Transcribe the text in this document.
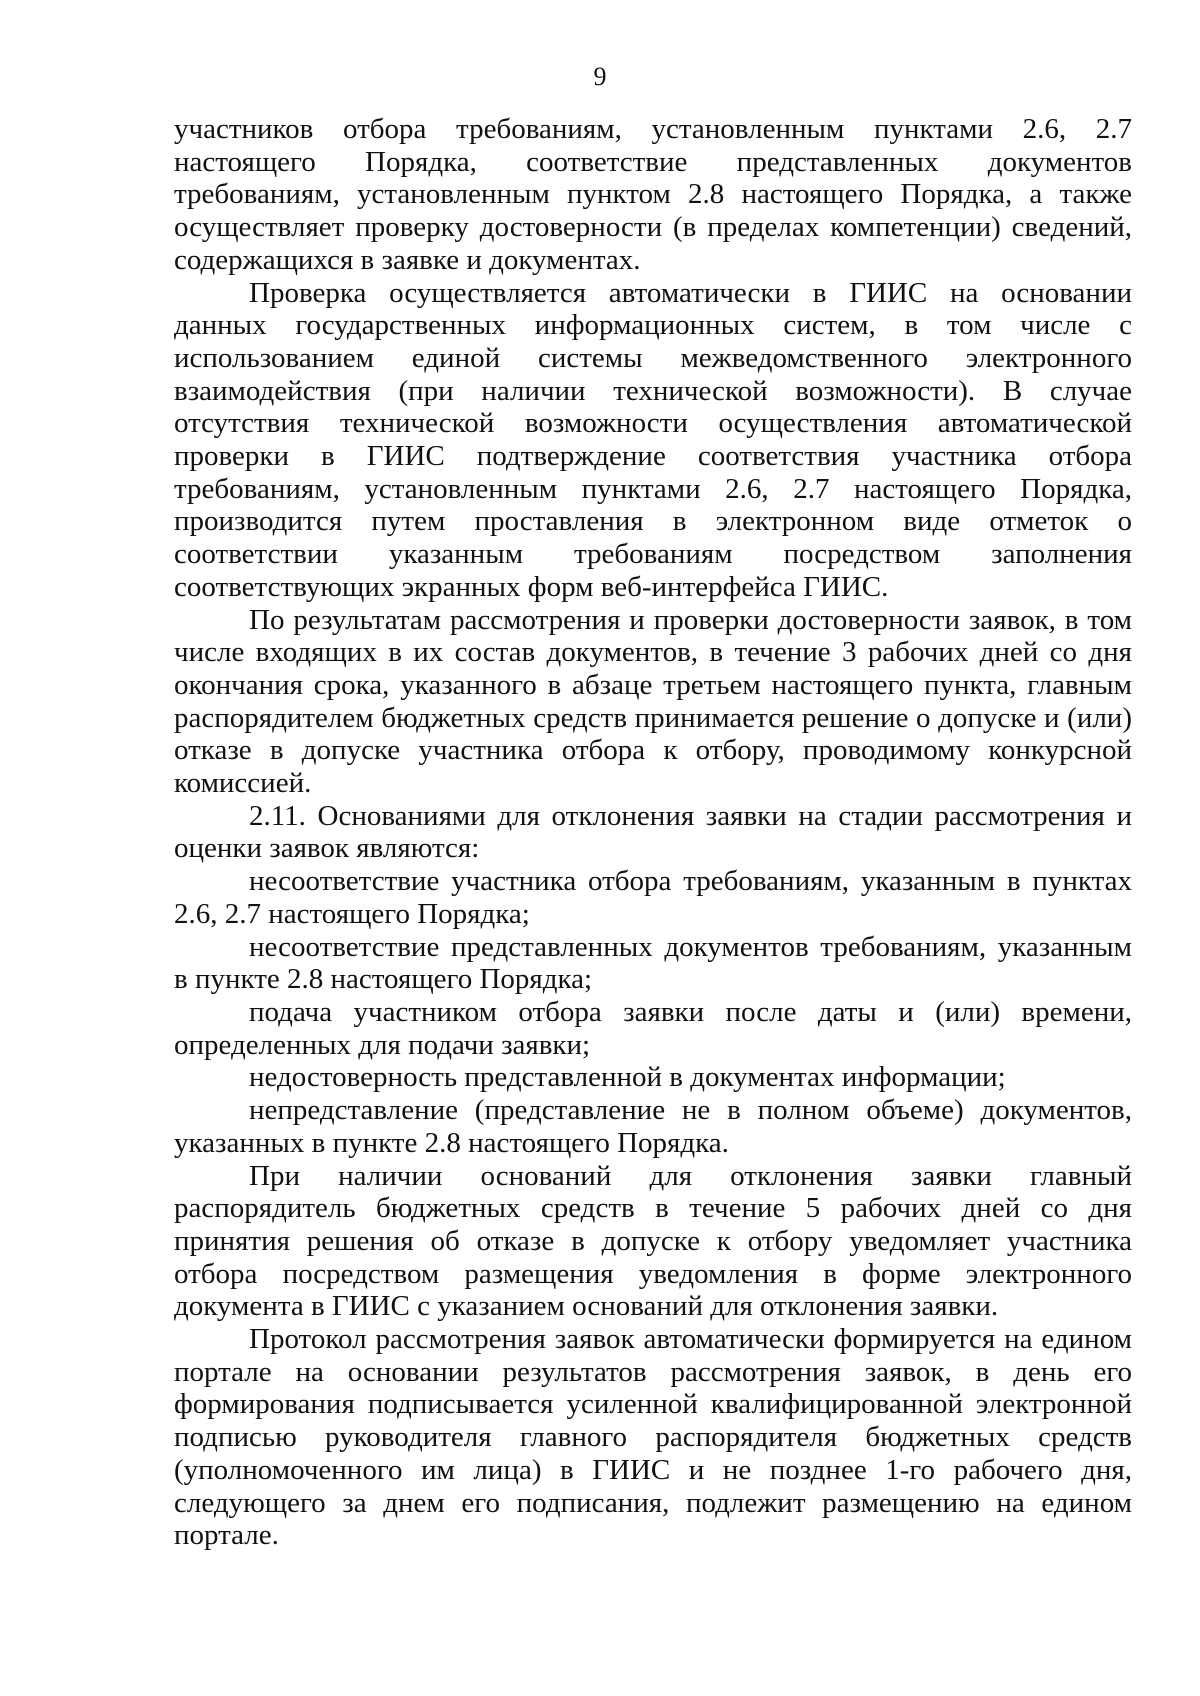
9

участников отбора требованиям, установленным пунктами 2.6, 2.7 настоящего Порядка, соответствие представленных документов требованиям, установленным пунктом 2.8 настоящего Порядка, а также осуществляет проверку достоверности (в пределах компетенции) сведений, содержащихся в заявке и документах.

Проверка осуществляется автоматически в ГИИС на основании данных государственных информационных систем, в том числе с использованием единой системы межведомственного электронного взаимодействия (при наличии технической возможности). В случае отсутствия технической возможности осуществления автоматической проверки в ГИИС подтверждение соответствия участника отбора требованиям, установленным пунктами 2.6, 2.7 настоящего Порядка, производится путем проставления в электронном виде отметок о соответствии указанным требованиям посредством заполнения соответствующих экранных форм веб-интерфейса ГИИС.

По результатам рассмотрения и проверки достоверности заявок, в том числе входящих в их состав документов, в течение 3 рабочих дней со дня окончания срока, указанного в абзаце третьем настоящего пункта, главным распорядителем бюджетных средств принимается решение о допуске и (или) отказе в допуске участника отбора к отбору, проводимому конкурсной комиссией.

2.11. Основаниями для отклонения заявки на стадии рассмотрения и оценки заявок являются:

несоответствие участника отбора требованиям, указанным в пунктах 2.6, 2.7 настоящего Порядка;

несоответствие представленных документов требованиям, указанным в пункте 2.8 настоящего Порядка;

подача участником отбора заявки после даты и (или) времени, определенных для подачи заявки;

недостоверность представленной в документах информации;

непредставление (представление не в полном объеме) документов, указанных в пункте 2.8 настоящего Порядка.

При наличии оснований для отклонения заявки главный распорядитель бюджетных средств в течение 5 рабочих дней со дня принятия решения об отказе в допуске к отбору уведомляет участника отбора посредством размещения уведомления в форме электронного документа в ГИИС с указанием оснований для отклонения заявки.

Протокол рассмотрения заявок автоматически формируется на едином портале на основании результатов рассмотрения заявок, в день его формирования подписывается усиленной квалифицированной электронной подписью руководителя главного распорядителя бюджетных средств (уполномоченного им лица) в ГИИС и не позднее 1-го рабочего дня, следующего за днем его подписания, подлежит размещению на едином портале.
